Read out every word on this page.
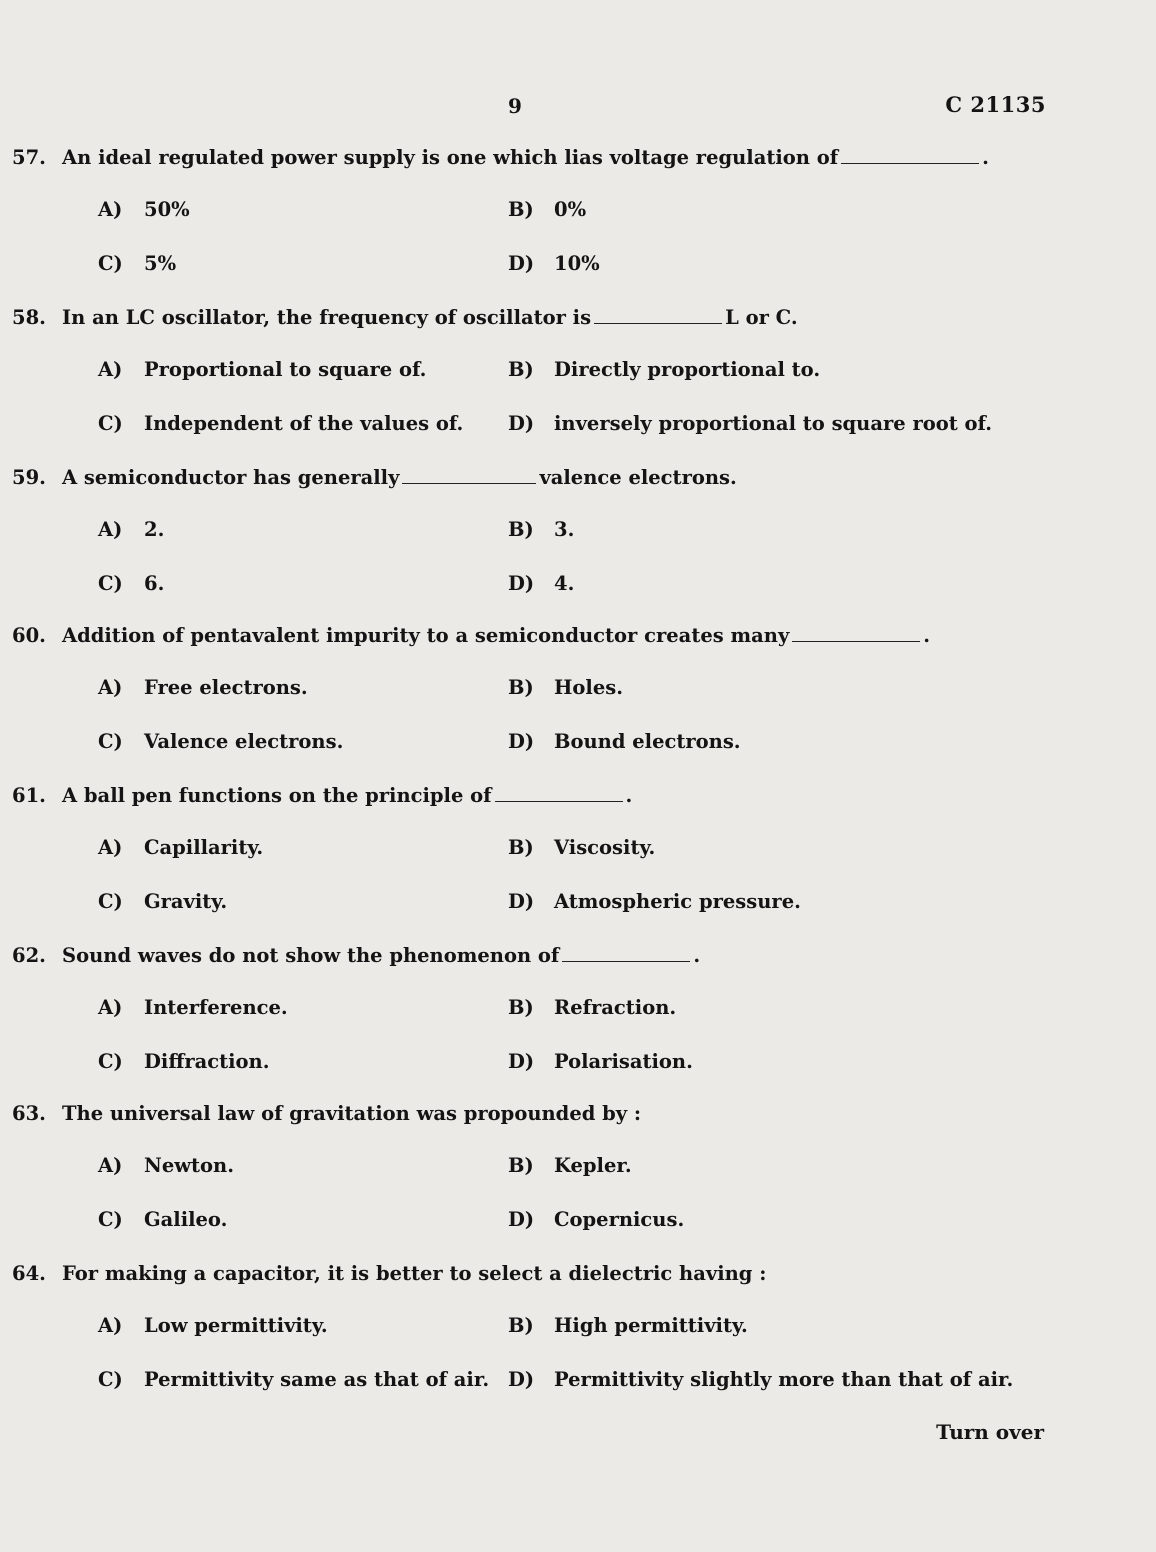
9	C 21135
57. An ideal regulated power supply is one which lias voltage regulation of	.
A) 50%	B) 0%
C) 5%	D) 10%
58. In an LC oscillator, the frequency of oscillator is	L or C.
A) Proportional to square of.	B) Directly proportional to.
C) Independent of the values of. D) inversely proportional to square root of.
59. A semiconductor has generally	valence electrons.
A) 2.	B) 3.
C) 6.	D) 4.
60. Addition of pentavalent impurity to a semiconductor creates many	.
A) Free electrons.	B) Holes.
C) Valence electrons.	D) Bound electrons.
61. A ball pen functions on the principle of	.
A) Capillarity.	B) Viscosity.
C) Gravity.	D) Atmospheric pressure.
62. Sound waves do not show the phenomenon of	.
A) Interference.	B) Refraction.
C) Diffraction.	D) Polarisation.
63. The universal law of gravitation was propounded by :
A) Newton.	B) Kepler.
C) Galileo.	D) Copernicus.
64. For making a capacitor, it is better to select a dielectric having :
A) Low permittivity.	B) High permittivity.
C) Permittivity same as that of air. D) Permittivity slightly more than that of air.
Turn over
